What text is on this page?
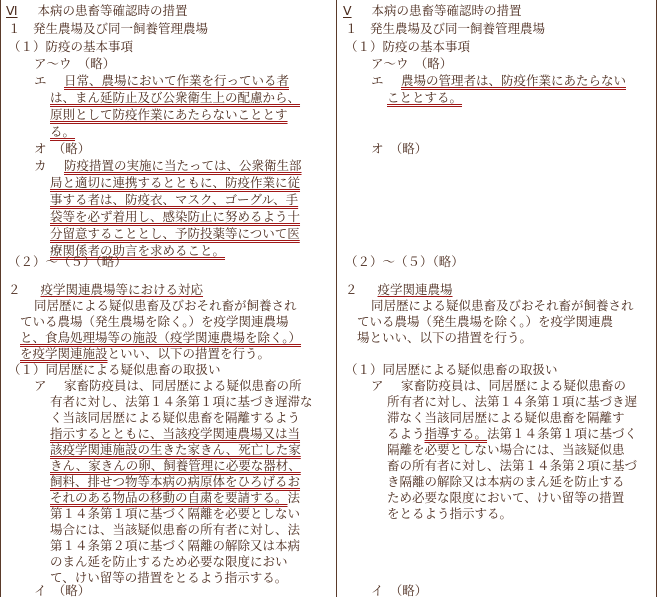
Ⅵ 本病の患畜等確認時の措置
１　発生農場及び同一飼養管理農場
（１）防疫の基本事項
ア～ウ　（略）
エ 日常、農場において作業を行っている者
は、まん延防止及び公衆衛生上の配慮から、
原則として防疫作業にあたらないこととす
る。
オ　（略）
カ 防疫措置の実施に当たっては、公衆衛生部
局と適切に連携するとともに、防疫作業に従
事する者は、防疫衣、マスク、ゴーグル、手
袋等を必ず着用し、感染防止に努めるよう十
分留意することとし、予防投薬等について医
療関係者の助言を求めること。
（２）～（５）（略）
２ 疫学関連農場等における対応
同居歴による疑似患畜及びおそれ畜が飼養され
ている農場（発生農場を除く。）を疫学関連農場
と、食鳥処理場等の施設（疫学関連農場を除く。）
を疫学関連施設といい、以下の措置を行う。
（１）同居歴による疑似患畜の取扱い
ア 家畜防疫員は、同居歴による疑似患畜の所
有者に対し、法第１４条第１項に基づき遅滞な
く当該同居歴による疑似患畜を隔離するよう
指示するとともに、当該疫学関連農場又は当
該疫学関連施設の生きた家きん、死亡した家
きん、家きんの卵、飼養管理に必要な器材、
飼料、排せつ物等本病の病原体をひろげるお
それのある物品の移動の自粛を要請する。法
第１４条第１項に基づく隔離を必要としない
場合には、当該疑似患畜の所有者に対し、法
第１４条第２項に基づく隔離の解除又は本病
のまん延を防止するため必要な限度におい
て、けい留等の措置をとるよう指示する。
イ　（略）
Ⅴ 本病の患畜等確認時の措置
１　発生農場及び同一飼養管理農場
（１）防疫の基本事項
ア～ウ　（略）
エ 農場の管理者は、防疫作業にあたらない
こととする。
オ　（略）
（２）～（５）（略）
２ 疫学関連農場
同居歴による疑似患畜及びおそれ畜が飼養され
ている農場（発生農場を除く。）を疫学関連農
場といい、以下の措置を行う。
（１）同居歴による疑似患畜の取扱い
ア 家畜防疫員は、同居歴による疑似患畜の
所有者に対し、法第１４条第１項に基づき遅
滞なく当該同居歴による疑似患畜を隔離す
るよう指導する。法第１４条第１項に基づく
隔離を必要としない場合には、当該疑似患
畜の所有者に対し、法第１４条第２項に基づ
き隔離の解除又は本病のまん延を防止する
ため必要な限度において、けい留等の措置
をとるよう指示する。
イ　（略）
